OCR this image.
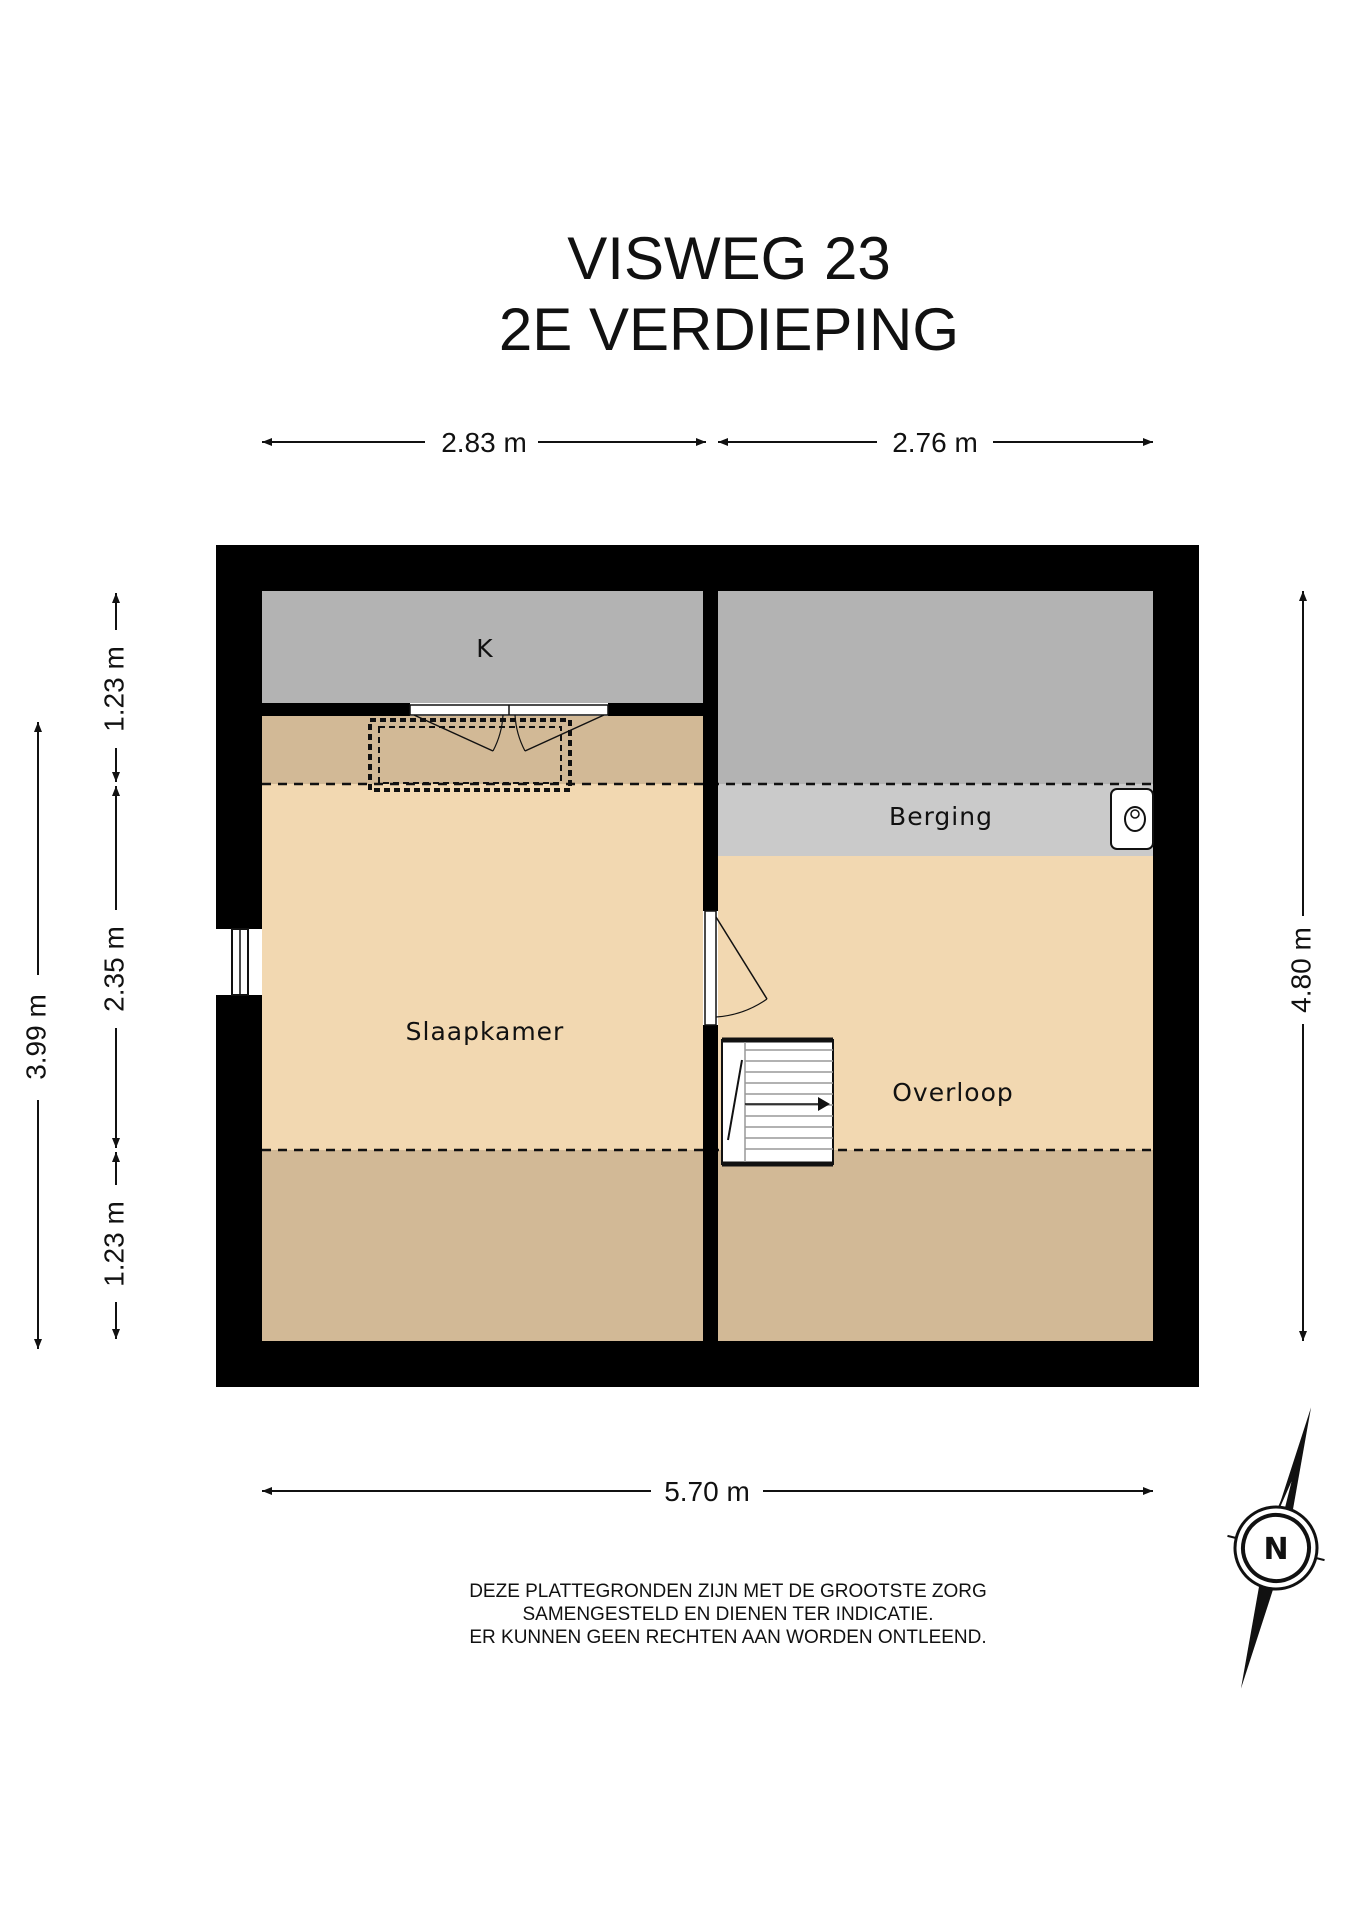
VISWEG 23
2E VERDIEPING
2.83 m	2.76 m
K
Berging
Slaapkamer
Overloop
3.99 m
1.23 m
2.35 m
1.23 m
4.80 m
5.70 m
DEZE PLATTEGRONDEN ZIJN MET DE GROOTSTE ZORG
SAMENGESTELD EN DIENEN TER INDICATIE.
ER KUNNEN GEEN RECHTEN AAN WORDEN ONTLEEND.
N
